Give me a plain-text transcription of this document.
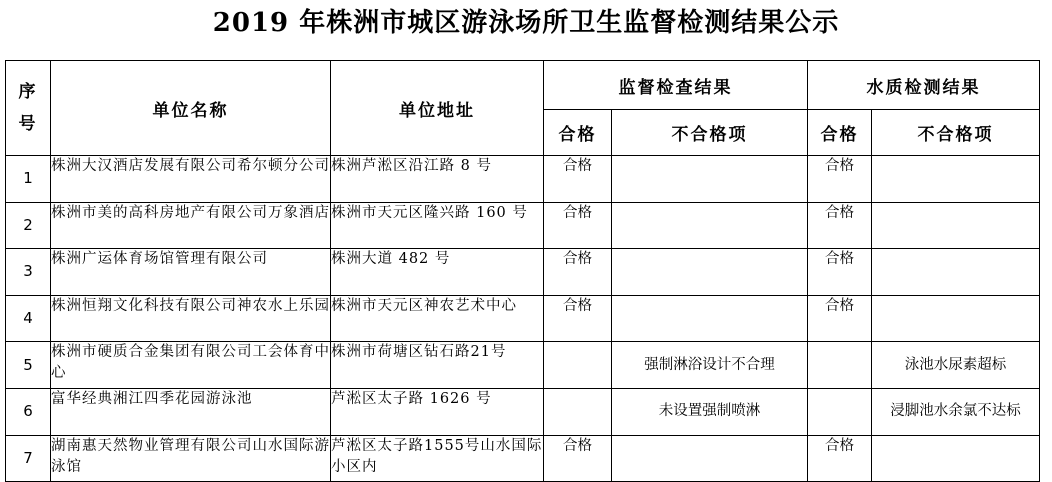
2019 年株洲市城区游泳场所卫生监督检测结果公示
序
号	单位名称	单位地址	监督检查结果		水质检测结果	
			合格	不合格项	合格	不合格项
1	株洲大汉酒店发展有限公司希尔顿分公司	株洲芦淞区沿江路 8 号	合格		合格	
2	株洲市美的高科房地产有限公司万象酒店	株洲市天元区隆兴路 160 号	合格		合格	
3	株洲广运体育场馆管理有限公司	株洲大道 482 号	合格		合格	
4	株洲恒翔文化科技有限公司神农水上乐园	株洲市天元区神农艺术中心	合格		合格	
5	株洲市硬质合金集团有限公司工会体育中心	株洲市荷塘区钻石路21号		强制淋浴设计不合理		泳池水尿素超标
6	富华经典湘江四季花园游泳池	芦淞区太子路 1626 号		未设置强制喷淋		浸脚池水余氯不达标
7	湖南惠天然物业管理有限公司山水国际游泳馆	芦淞区太子路1555号山水国际小区内	合格		合格	
